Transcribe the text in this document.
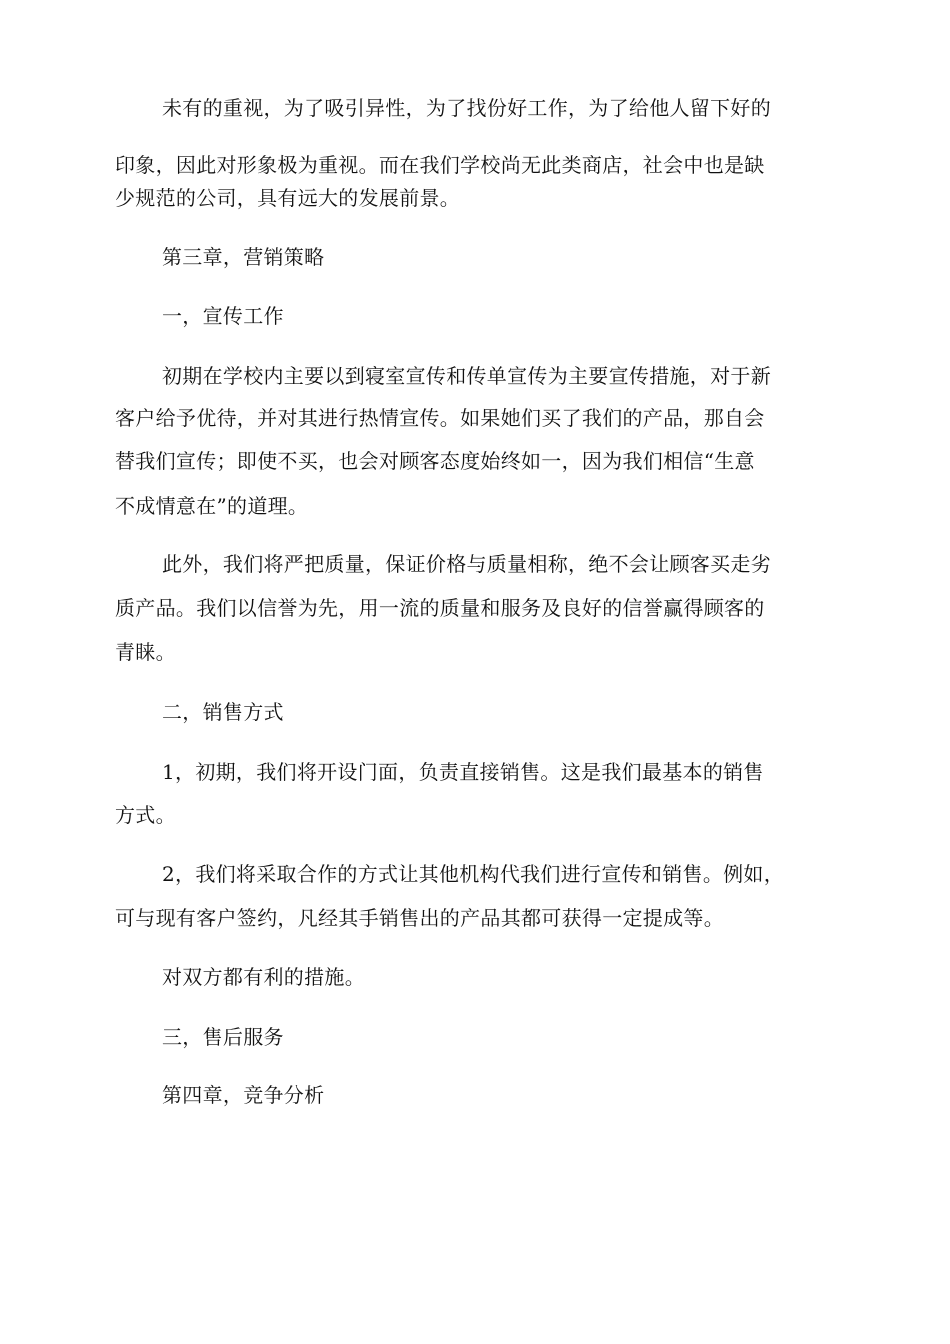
未有的重视，为了吸引异性，为了找份好工作，为了给他人留下好的
印象，因此对形象极为重视。而在我们学校尚无此类商店，社会中也是缺
少规范的公司，具有远大的发展前景。
第三章，营销策略
一，宣传工作
初期在学校内主要以到寝室宣传和传单宣传为主要宣传措施，对于新
客户给予优待，并对其进行热情宣传。如果她们买了我们的产品，那自会
替我们宣传；即使不买，也会对顾客态度始终如一，因为我们相信“生意
不成情意在”的道理。
此外，我们将严把质量，保证价格与质量相称，绝不会让顾客买走劣
质产品。我们以信誉为先，用一流的质量和服务及良好的信誉赢得顾客的
青睐。
二，销售方式
1，初期，我们将开设门面，负责直接销售。这是我们最基本的销售
方式。
2，我们将采取合作的方式让其他机构代我们进行宣传和销售。例如，
可与现有客户签约，凡经其手销售出的产品其都可获得一定提成等。
对双方都有利的措施。
三，售后服务
第四章，竞争分析
